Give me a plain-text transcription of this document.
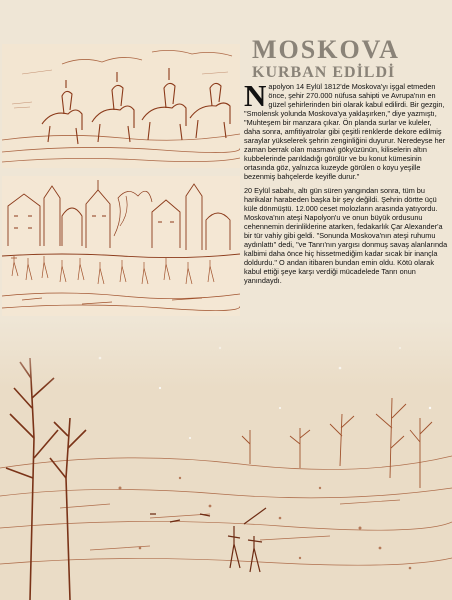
MOSKOVA
KURBAN EDİLDİ

Napolyon 14 Eylül 1812'de Moskova'yı işgal etmeden önce, şehir 270.000 nüfusa sahipti ve Avrupa'nın en güzel şehirlerinden biri olarak kabul edilirdi. Bir gezgin, "Smolensk yolunda Moskova'ya yaklaşırken," diye yazmıştı, "Muhteşem bir manzara çıkar. Ön planda surlar ve kuleler, daha sonra, amfitiyatrolar gibi çeşitli renklerde dekore edilmiş saraylar yükselerek şehrin zenginliğini duyurur. Neredeyse her zaman berrak olan masmavi gökyüzünün, kiliselerin altın kubbelerinde parıldadığı görülür ve bu konut kümesinin ortasında göz, yalnızca kuzeyde görülen o koyu yeşille bezenmiş bahçelerde keyifle durur."

20 Eylül sabahı, altı gün süren yangından sonra, tüm bu harikalar harabeden başka bir şey değildi. Şehrin dörtte üçü küle dönmüştü. 12.000 ceset molozların arasında yatıyordu. Moskova'nın ateşi Napolyon'u ve onun büyük ordusunu cehennemin derinliklerine atarken, fedakarlık Çar Alexander'a bir tür vahiy gibi geldi. "Sonunda Moskova'nın ateşi ruhumu aydınlattı" dedi, "ve Tanrı'nın yargısı donmuş savaş alanlarında kalbimi daha önce hiç hissetmediğim kadar sıcak bir inançla doldurdu." O andan itibaren bundan emin oldu. Kötü olarak kabul ettiği şeye karşı verdiği mücadelede Tanrı onun yanındaydı.
